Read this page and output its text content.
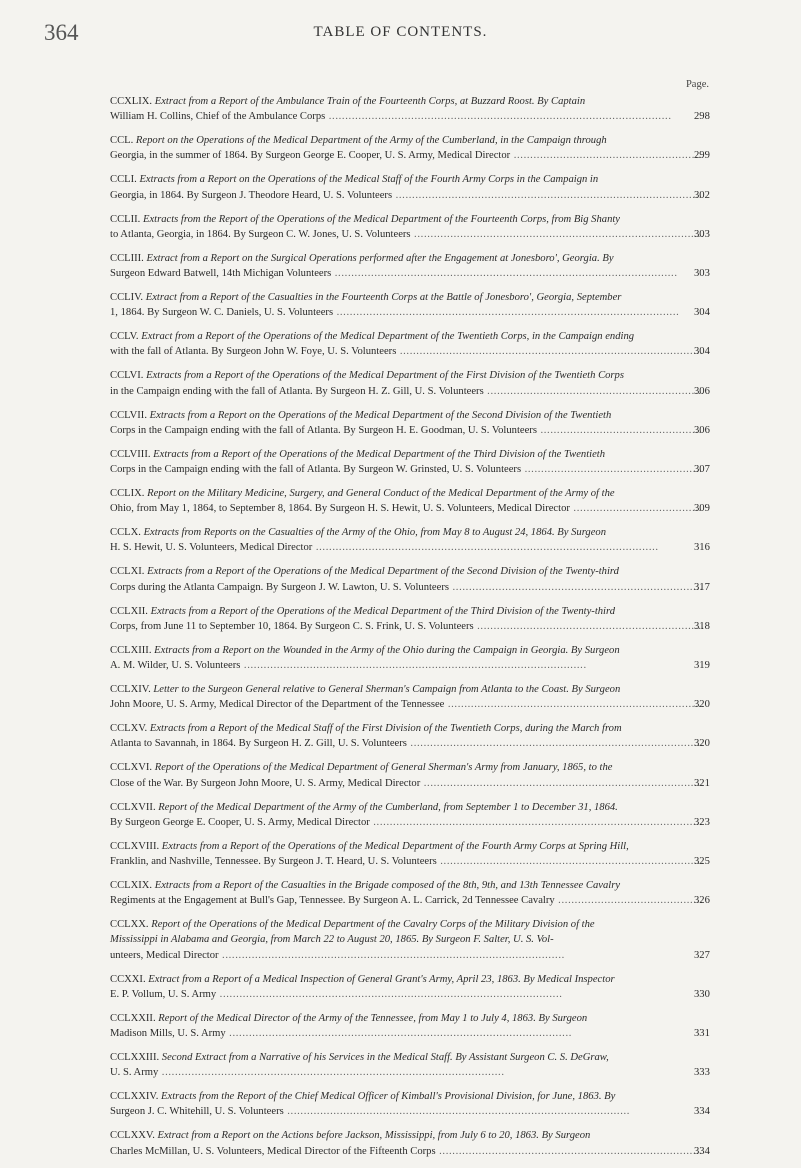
364	TABLE OF CONTENTS.
Page.
CCXLIX. Extract from a Report of the Ambulance Train of the Fourteenth Corps, at Buzzard Roost. By Captain
William H. Collins, Chief of the Ambulance Corps . . .	298
CCL. Report on the Operations of the Medical Department of the Army of the Cumberland, in the Campaign through
Georgia, in the summer of 1864. By Surgeon George E. Cooper, U. S. Army, Medical Director . . .	299
CCLI. Extracts from a Report on the Operations of the Medical Staff of the Fourth Army Corps in the Campaign in
Georgia, in 1864. By Surgeon J. Theodore Heard, U. S. Volunteers . . .	302
CCLII. Extracts from the Report of the Operations of the Medical Department of the Fourteenth Corps, from Big Shanty
to Atlanta, Georgia, in 1864. By Surgeon C. W. Jones, U. S. Volunteers . . .	303
CCLIII. Extract from a Report on the Surgical Operations performed after the Engagement at Jonesboro', Georgia. By
Surgeon Edward Batwell, 14th Michigan Volunteers . . .	303
CCLIV. Extract from a Report of the Casualties in the Fourteenth Corps at the Battle of Jonesboro', Georgia, September
1, 1864. By Surgeon W. C. Daniels, U. S. Volunteers . . .	304
CCLV. Extract from a Report of the Operations of the Medical Department of the Twentieth Corps, in the Campaign ending
with the fall of Atlanta. By Surgeon John W. Foye, U. S. Volunteers . . .	304
CCLVI. Extracts from a Report of the Operations of the Medical Department of the First Division of the Twentieth Corps
in the Campaign ending with the fall of Atlanta. By Surgeon H. Z. Gill, U. S. Volunteers . . .	306
CCLVII. Extracts from a Report on the Operations of the Medical Department of the Second Division of the Twentieth
Corps in the Campaign ending with the fall of Atlanta. By Surgeon H. E. Goodman, U. S. Volunteers . . .	306
CCLVIII. Extracts from a Report of the Operations of the Medical Department of the Third Division of the Twentieth
Corps in the Campaign ending with the fall of Atlanta. By Surgeon W. Grinsted, U. S. Volunteers . . .	307
CCLIX. Report on the Military Medicine, Surgery, and General Conduct of the Medical Department of the Army of the
Ohio, from May 1, 1864, to September 8, 1864. By Surgeon H. S. Hewit, U. S. Volunteers, Medical Director . . .	309
CCLX. Extracts from Reports on the Casualties of the Army of the Ohio, from May 8 to August 24, 1864. By Surgeon
H. S. Hewit, U. S. Volunteers, Medical Director . . .	316
CCLXI. Extracts from a Report of the Operations of the Medical Department of the Second Division of the Twenty-third
Corps during the Atlanta Campaign. By Surgeon J. W. Lawton, U. S. Volunteers . . .	317
CCLXII. Extracts from a Report of the Operations of the Medical Department of the Third Division of the Twenty-third
Corps, from June 11 to September 10, 1864. By Surgeon C. S. Frink, U. S. Volunteers . . .	318
CCLXIII. Extracts from a Report on the Wounded in the Army of the Ohio during the Campaign in Georgia. By Surgeon
A. M. Wilder, U. S. Volunteers . . .	319
CCLXIV. Letter to the Surgeon General relative to General Sherman's Campaign from Atlanta to the Coast. By Surgeon
John Moore, U. S. Army, Medical Director of the Department of the Tennessee . . .	320
CCLXV. Extracts from a Report of the Medical Staff of the First Division of the Twentieth Corps, during the March from
Atlanta to Savannah, in 1864. By Surgeon H. Z. Gill, U. S. Volunteers . . .	320
CCLXVI. Report of the Operations of the Medical Department of General Sherman's Army from January, 1865, to the
Close of the War. By Surgeon John Moore, U. S. Army, Medical Director . . .	321
CCLXVII. Report of the Medical Department of the Army of the Cumberland, from September 1 to December 31, 1864.
By Surgeon George E. Cooper, U. S. Army, Medical Director . . .	323
CCLXVIII. Extracts from a Report of the Operations of the Medical Department of the Fourth Army Corps at Spring Hill,
Franklin, and Nashville, Tennessee. By Surgeon J. T. Heard, U. S. Volunteers . . .	325
CCLXIX. Extracts from a Report of the Casualties in the Brigade composed of the 8th, 9th, and 13th Tennessee Cavalry
Regiments at the Engagement at Bull's Gap, Tennessee. By Surgeon A. L. Carrick, 2d Tennessee Cavalry . . .	326
CCLXX. Report of the Operations of the Medical Department of the Cavalry Corps of the Military Division of the
Mississippi in Alabama and Georgia, from March 22 to August 20, 1865. By Surgeon F. Salter, U. S. Vol-
unteers, Medical Director . . .	327
CCXXI. Extract from a Report of a Medical Inspection of General Grant's Army, April 23, 1863. By Medical Inspector
E. P. Vollum, U. S. Army . . .	330
CCLXXII. Report of the Medical Director of the Army of the Tennessee, from May 1 to July 4, 1863. By Surgeon
Madison Mills, U. S. Army . . .	331
CCLXXIII. Second Extract from a Narrative of his Services in the Medical Staff. By Assistant Surgeon C. S. DeGraw,
U. S. Army . . .	333
CCLXXIV. Extracts from the Report of the Chief Medical Officer of Kimball's Provisional Division, for June, 1863. By
Surgeon J. C. Whitehill, U. S. Volunteers . . .	334
CCLXXV. Extract from a Report on the Actions before Jackson, Mississippi, from July 6 to 20, 1863. By Surgeon
Charles McMillan, U. S. Volunteers, Medical Director of the Fifteenth Corps . . .	334
